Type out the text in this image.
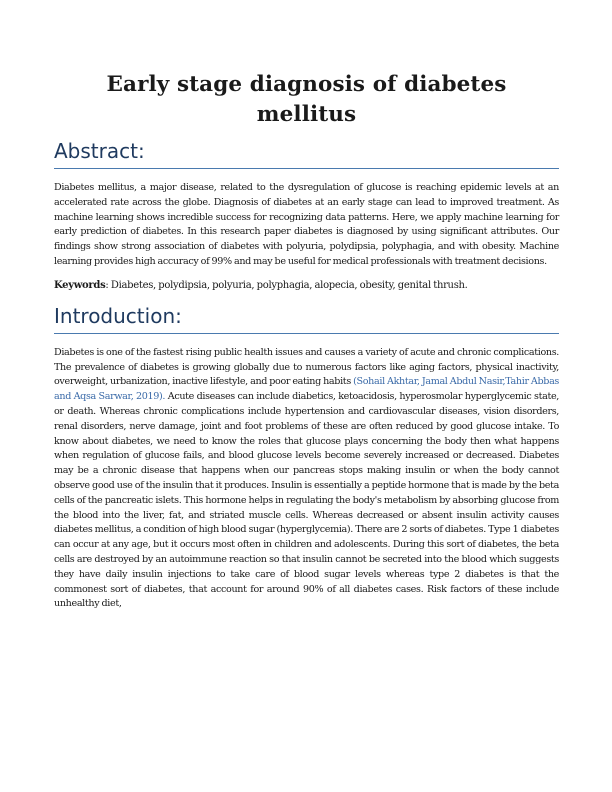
Early stage diagnosis of diabetes mellitus
Abstract:

Diabetes mellitus, a major disease, related to the dysregulation of glucose is reaching epidemic levels at an accelerated rate across the globe. Diagnosis of diabetes at an early stage can lead to improved treatment. As machine learning shows incredible success for recognizing data patterns. Here, we apply machine learning for early prediction of diabetes. In this research paper diabetes is diagnosed by using significant attributes. Our findings show strong association of diabetes with polyuria, polydipsia, polyphagia, and with obesity. Machine learning provides high accuracy of 99% and may be useful for medical professionals with treatment decisions.

Keywords: Diabetes, polydipsia, polyuria, polyphagia, alopecia, obesity, genital thrush.

Introduction:

Diabetes is one of the fastest rising public health issues and causes a variety of acute and chronic complications. The prevalence of diabetes is growing globally due to numerous factors like aging factors, physical inactivity, overweight, urbanization, inactive lifestyle, and poor eating habits (Sohail Akhtar, Jamal Abdul Nasir,Tahir Abbas and Aqsa Sarwar, 2019). Acute diseases can include diabetics, ketoacidosis, hyperosmolar hyperglycemic state, or death. Whereas chronic complications include hypertension and cardiovascular diseases, vision disorders, renal disorders, nerve damage, joint and foot problems of these are often reduced by good glucose intake. To know about diabetes, we need to know the roles that glucose plays concerning the body then what happens when regulation of glucose fails, and blood glucose levels become severely increased or decreased. Diabetes may be a chronic disease that happens when our pancreas stops making insulin or when the body cannot observe good use of the insulin that it produces. Insulin is essentially a peptide hormone that is made by the beta cells of the pancreatic islets. This hormone helps in regulating the body's metabolism by absorbing glucose from the blood into the liver, fat, and striated muscle cells. Whereas decreased or absent insulin activity causes diabetes mellitus, a condition of high blood sugar (hyperglycemia). There are 2 sorts of diabetes. Type 1 diabetes can occur at any age, but it occurs most often in children and adolescents. During this sort of diabetes, the beta cells are destroyed by an autoimmune reaction so that insulin cannot be secreted into the blood which suggests they have daily insulin injections to take care of blood sugar levels whereas type 2 diabetes is that the commonest sort of diabetes, that account for around 90% of all diabetes cases. Risk factors of these include unhealthy diet,
